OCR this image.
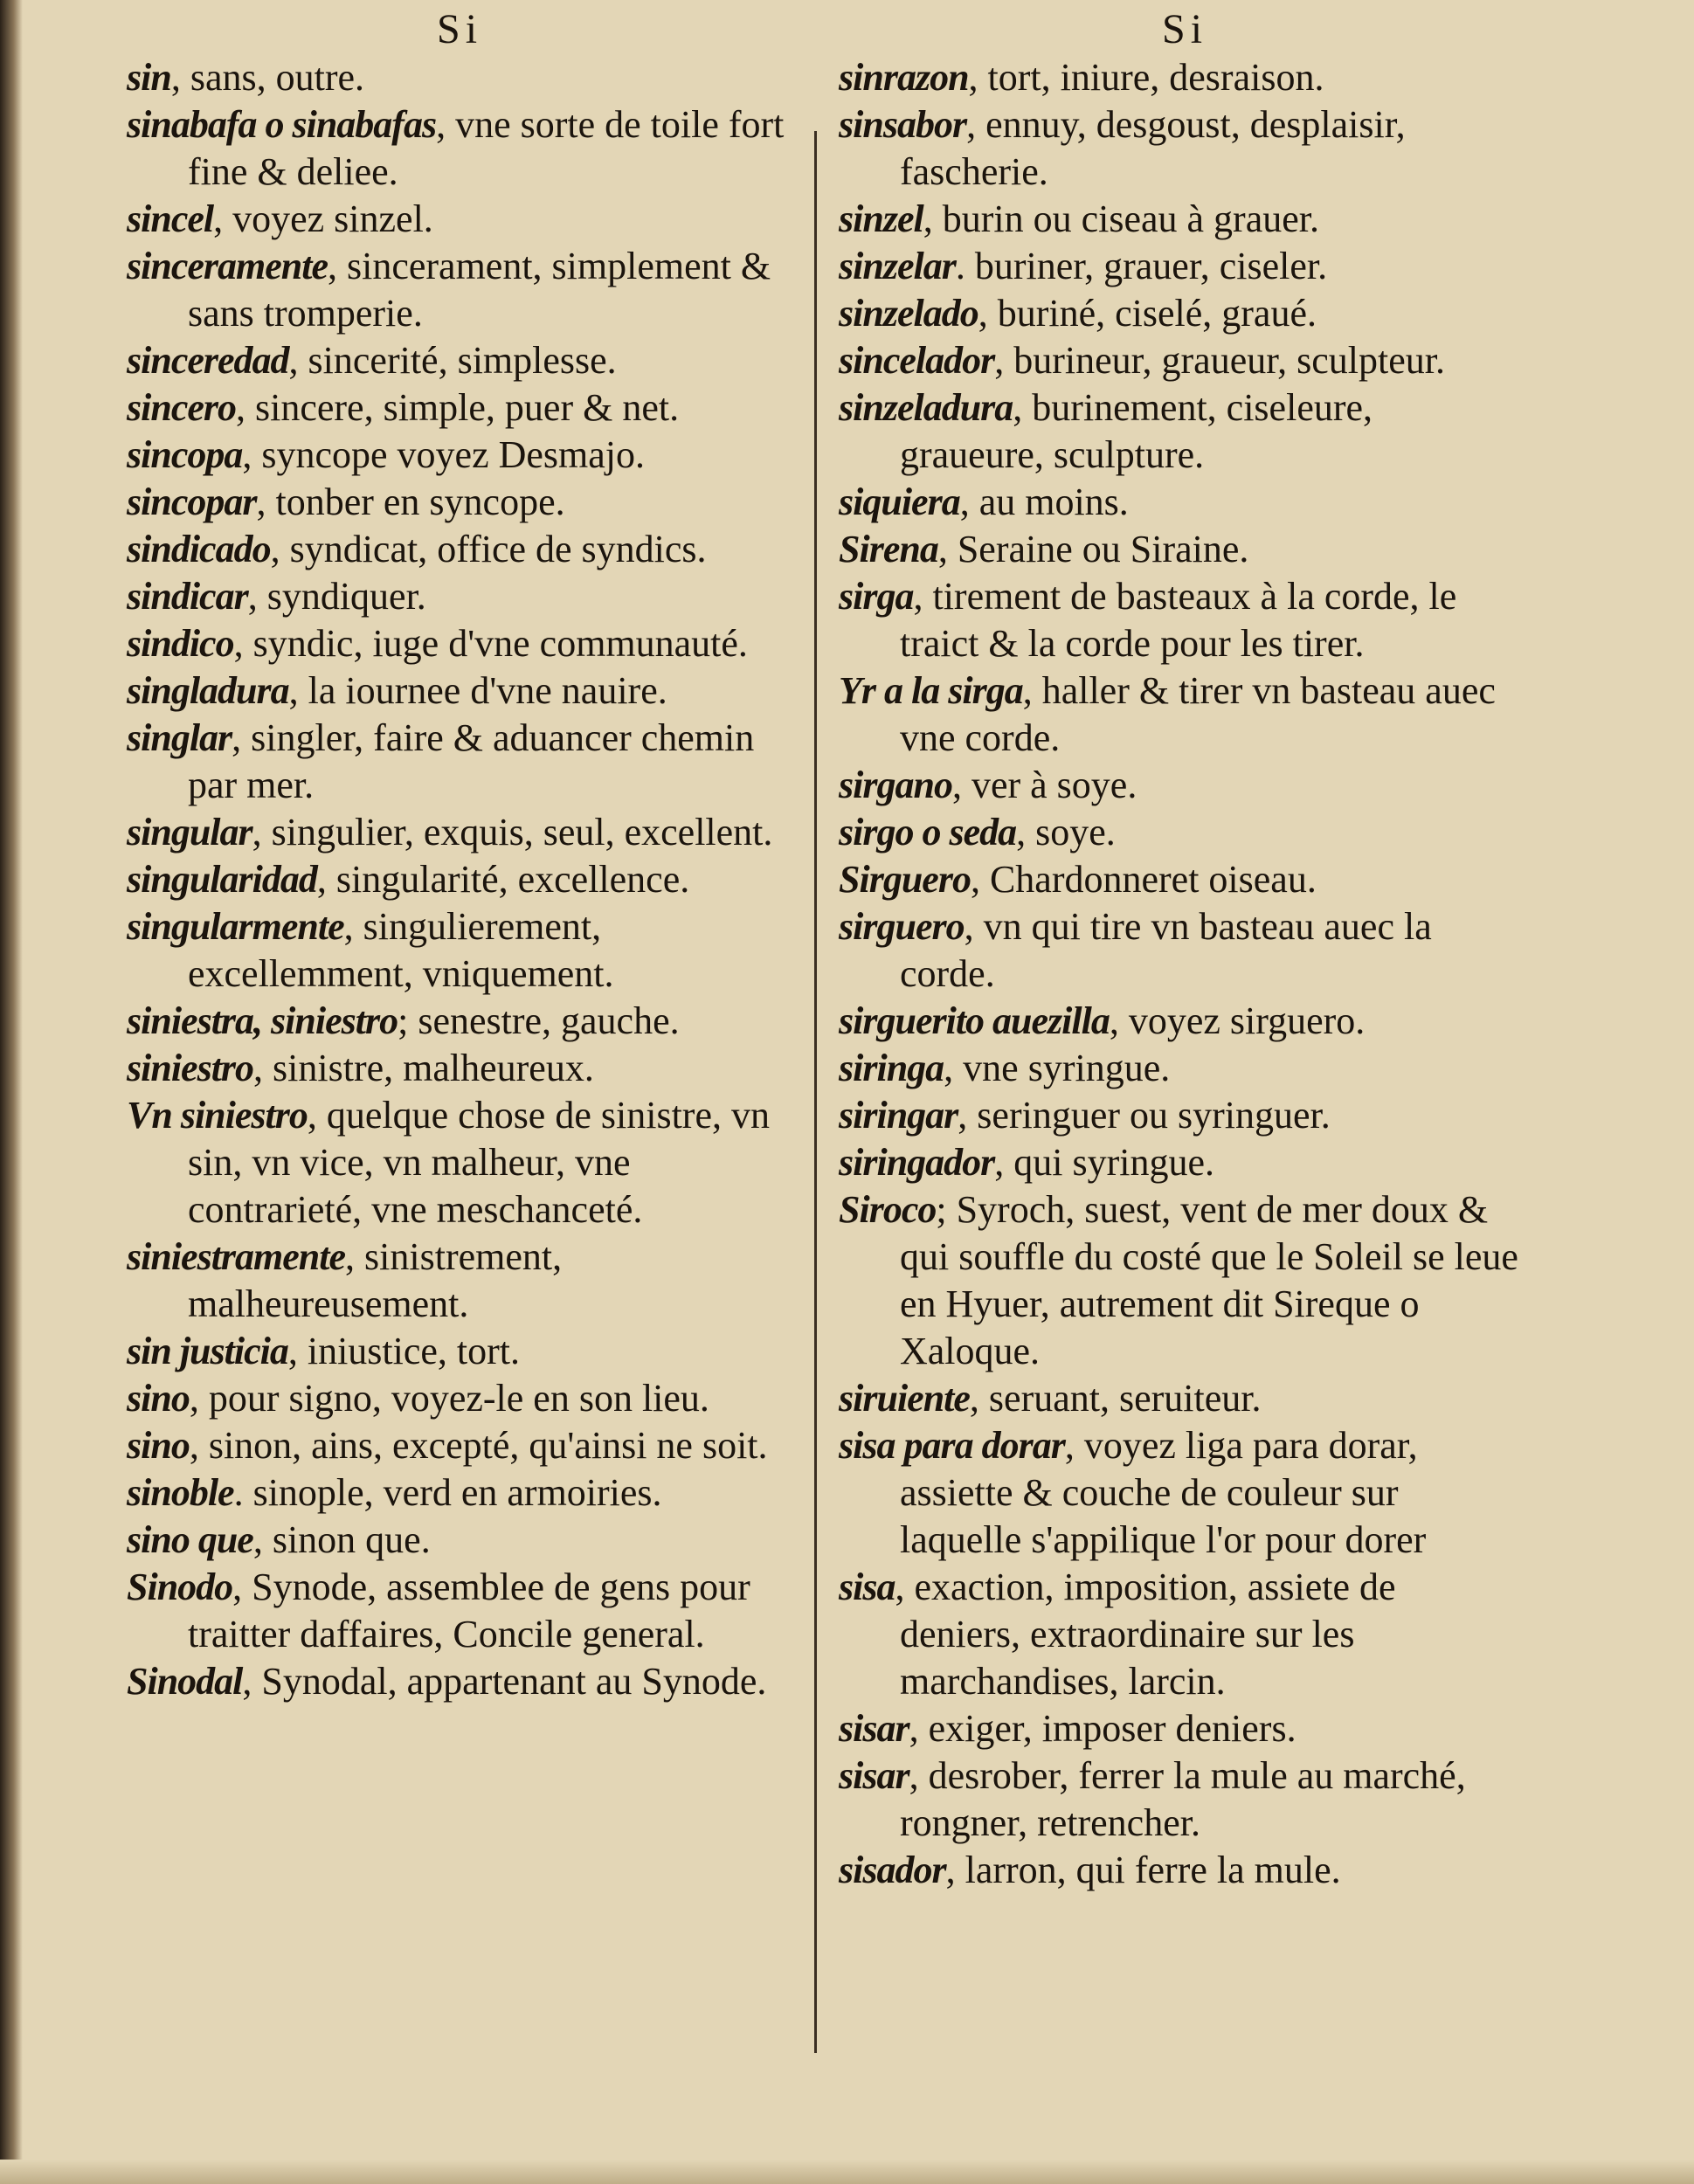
Si	Si

sin, sans, outre.

sinabafa o sinabafas, vne sorte de toile fort fine & deliee.

sincel, voyez sinzel.

sinceramente, sincerament, simplement & sans tromperie.

sinceredad, sincerité, simplesse.

sincero, sincere, simple, puer & net.

sincopa, syncope voyez Desmajo.

sincopar, tonber en syncope.

sindicado, syndicat, office de syndics.

sindicar, syndiquer.

sindico, syndic, iuge d'vne communauté.

singladura, la iournee d'vne nauire.

singlar, singler, faire & aduancer chemin par mer.

singular, singulier, exquis, seul, excellent.

singularidad, singularité, excellence.

singularmente, singulierement, excellemment, vniquement.

siniestra, siniestro; senestre, gauche.

siniestro, sinistre, malheureux.

Vn siniestro, quelque chose de sinistre, vn sin, vn vice, vn malheur, vne contrarieté, vne meschanceté.

siniestramente, sinistrement, malheureusement.

sin justicia, iniustice, tort.

sino, pour signo, voyez-le en son lieu.

sino, sinon, ains, excepté, qu'ainsi ne soit.

sinoble. sinople, verd en armoiries.

sino que, sinon que.

Sinodo, Synode, assemblee de gens pour traitter daffaires, Concile general.

Sinodal, Synodal, appartenant au Synode.

sinrazon, tort, iniure, desraison.

sinsabor, ennuy, desgoust, desplaisir, fascherie.

sinzel, burin ou ciseau à grauer.

sinzelar. buriner, grauer, ciseler.

sinzelado, buriné, ciselé, graué.

sincelador, burineur, graueur, sculpteur.

sinzeladura, burinement, ciseleure, graueure, sculpture.

siquiera, au moins.

Sirena, Seraine ou Siraine.

sirga, tirement de basteaux à la corde, le traict & la corde pour les tirer.

Yr a la sirga, haller & tirer vn basteau auec vne corde.

sirgano, ver à soye.

sirgo o seda, soye.

Sirguero, Chardonneret oiseau.

sirguero, vn qui tire vn basteau auec la corde.

sirguerito auezilla, voyez sirguero.

siringa, vne syringue.

siringar, seringuer ou syringuer.

siringador, qui syringue.

Siroco; Syroch, suest, vent de mer doux & qui souffle du costé que le Soleil se leue en Hyuer, autrement dit Sireque o Xaloque.

siruiente, seruant, seruiteur.

sisa para dorar, voyez liga para dorar, assiette & couche de couleur sur laquelle s'appilique l'or pour dorer

sisa, exaction, imposition, assiete de deniers, extraordinaire sur les marchandises, larcin.

sisar, exiger, imposer deniers.

sisar, desrober, ferrer la mule au marché, rongner, retrencher.

sisador, larron, qui ferre la mule.
